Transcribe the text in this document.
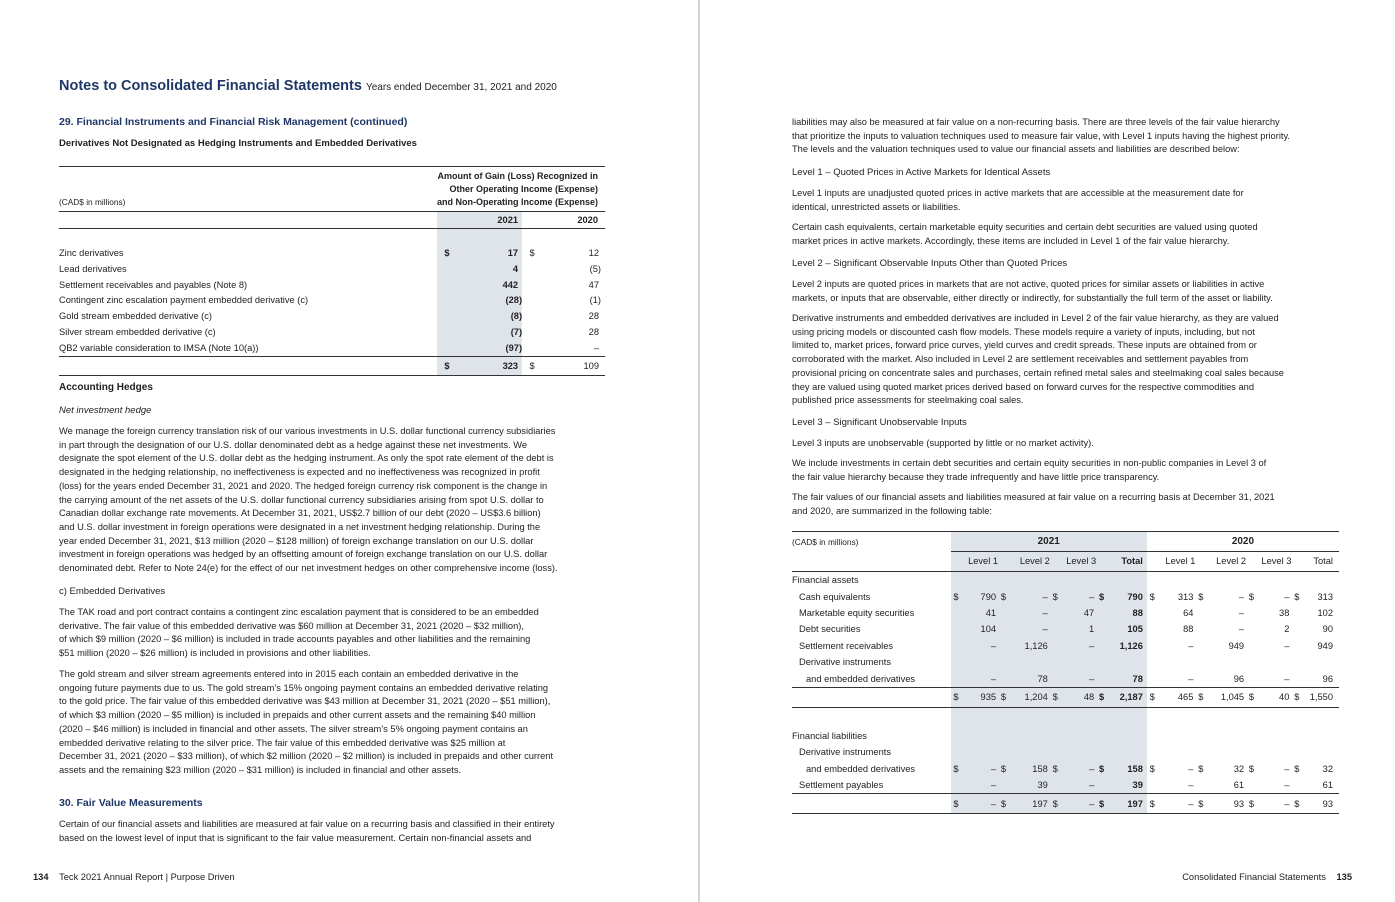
Notes to Consolidated Financial Statements Years ended December 31, 2021 and 2020
29. Financial Instruments and Financial Risk Management (continued)
Derivatives Not Designated as Hedging Instruments and Embedded Derivatives
(CAD$ in millions)	Amount of Gain (Loss) Recognized in
Other Operating Income (Expense)
and Non-Operating Income (Expense)			

		2021		2020

Zinc derivatives	$	17	$	12
Lead derivatives		4		(5)
Settlement receivables and payables (Note 8)		442		47
Contingent zinc escalation payment embedded derivative (c)		(28)		(1)
Gold stream embedded derivative (c)		(8)		28
Silver stream embedded derivative (c)		(7)		28
QB2 variable consideration to IMSA (Note 10(a))		(97)		–
	$	323	$	109
Accounting Hedges
Net investment hedge

We manage the foreign currency translation risk of our various investments in U.S. dollar functional currency subsidiaries

in part through the designation of our U.S. dollar denominated debt as a hedge against these net investments. We

designate the spot element of the U.S. dollar debt as the hedging instrument. As only the spot rate element of the debt is

designated in the hedging relationship, no ineffectiveness is expected and no ineffectiveness was recognized in profit

(loss) for the years ended December 31, 2021 and 2020. The hedged foreign currency risk component is the change in

the carrying amount of the net assets of the U.S. dollar functional currency subsidiaries arising from spot U.S. dollar to

Canadian dollar exchange rate movements. At December 31, 2021, US$2.7 billion of our debt (2020 – US$3.6 billion)

and U.S. dollar investment in foreign operations were designated in a net investment hedging relationship. During the

year ended December 31, 2021, $13 million (2020 – $128 million) of foreign exchange translation on our U.S. dollar

investment in foreign operations was hedged by an offsetting amount of foreign exchange translation on our U.S. dollar

denominated debt. Refer to Note 24(e) for the effect of our net investment hedges on other comprehensive income (loss).

c) Embedded Derivatives

The TAK road and port contract contains a contingent zinc escalation payment that is considered to be an embedded

derivative. The fair value of this embedded derivative was $60 million at December 31, 2021 (2020 – $32 million),

of which $9 million (2020 – $6 million) is included in trade accounts payables and other liabilities and the remaining

$51 million (2020 – $26 million) is included in provisions and other liabilities.

The gold stream and silver stream agreements entered into in 2015 each contain an embedded derivative in the

ongoing future payments due to us. The gold stream’s 15% ongoing payment contains an embedded derivative relating

to the gold price. The fair value of this embedded derivative was $43 million at December 31, 2021 (2020 – $51 million),

of which $3 million (2020 – $5 million) is included in prepaids and other current assets and the remaining $40 million

(2020 – $46 million) is included in financial and other assets. The silver stream’s 5% ongoing payment contains an

embedded derivative relating to the silver price. The fair value of this embedded derivative was $25 million at

December 31, 2021 (2020 – $33 million), of which $2 million (2020 – $2 million) is included in prepaids and other current

assets and the remaining $23 million (2020 – $31 million) is included in financial and other assets.

30. Fair Value Measurements

Certain of our financial assets and liabilities are measured at fair value on a recurring basis and classified in their entirety

based on the lowest level of input that is significant to the fair value measurement. Certain non-financial assets and

134 Teck 2021 Annual Report | Purpose Driven

liabilities may also be measured at fair value on a non-recurring basis. There are three levels of the fair value hierarchy

that prioritize the inputs to valuation techniques used to measure fair value, with Level 1 inputs having the highest priority.

The levels and the valuation techniques used to value our financial assets and liabilities are described below:

Level 1 – Quoted Prices in Active Markets for Identical Assets

Level 1 inputs are unadjusted quoted prices in active markets that are accessible at the measurement date for

identical, unrestricted assets or liabilities.

Certain cash equivalents, certain marketable equity securities and certain debt securities are valued using quoted

market prices in active markets. Accordingly, these items are included in Level 1 of the fair value hierarchy.

Level 2 – Significant Observable Inputs Other than Quoted Prices

Level 2 inputs are quoted prices in markets that are not active, quoted prices for similar assets or liabilities in active

markets, or inputs that are observable, either directly or indirectly, for substantially the full term of the asset or liability.

Derivative instruments and embedded derivatives are included in Level 2 of the fair value hierarchy, as they are valued

using pricing models or discounted cash flow models. These models require a variety of inputs, including, but not

limited to, market prices, forward price curves, yield curves and credit spreads. These inputs are obtained from or

corroborated with the market. Also included in Level 2 are settlement receivables and settlement payables from

provisional pricing on concentrate sales and purchases, certain refined metal sales and steelmaking coal sales because

they are valued using quoted market prices derived based on forward curves for the respective commodities and

published price assessments for steelmaking coal sales.

Level 3 – Significant Unobservable Inputs

Level 3 inputs are unobservable (supported by little or no market activity).

We include investments in certain debt securities and certain equity securities in non-public companies in Level 3 of

the fair value hierarchy because they trade infrequently and have little price transparency.

The fair values of our financial assets and liabilities measured at fair value on a recurring basis at December 31, 2021

and 2020, are summarized in the following table:

(CAD$ in millions)	2021								2020							
	Level 1		Level 2		Level 3		Total		Level 1		Level 2		Level 3		Total	
Financial assets																
Cash equivalents	$	790	$	–	$	–	$	790	$	313	$	–	$	–	$	313
Marketable equity securities		41		–		47		88		64		–		38		102
Debt securities		104		–		1		105		88		–		2		90
Settlement receivables		–		1,126		–		1,126		–		949		–		949
Derivative instruments																
and embedded derivatives		–		78		–		78		–		96		–		96
	$	935	$	1,204	$	48	$	2,187	$	465	$	1,045	$	40	$	1,550

Financial liabilities																
Derivative instruments																
and embedded derivatives	$	–	$	158	$	–	$	158	$	–	$	32	$	–	$	32
Settlement payables		–		39		–		39		–		61		–		61
	$	–	$	197	$	–	$	197	$	–	$	93	$	–	$	93
Consolidated Financial Statements 135
